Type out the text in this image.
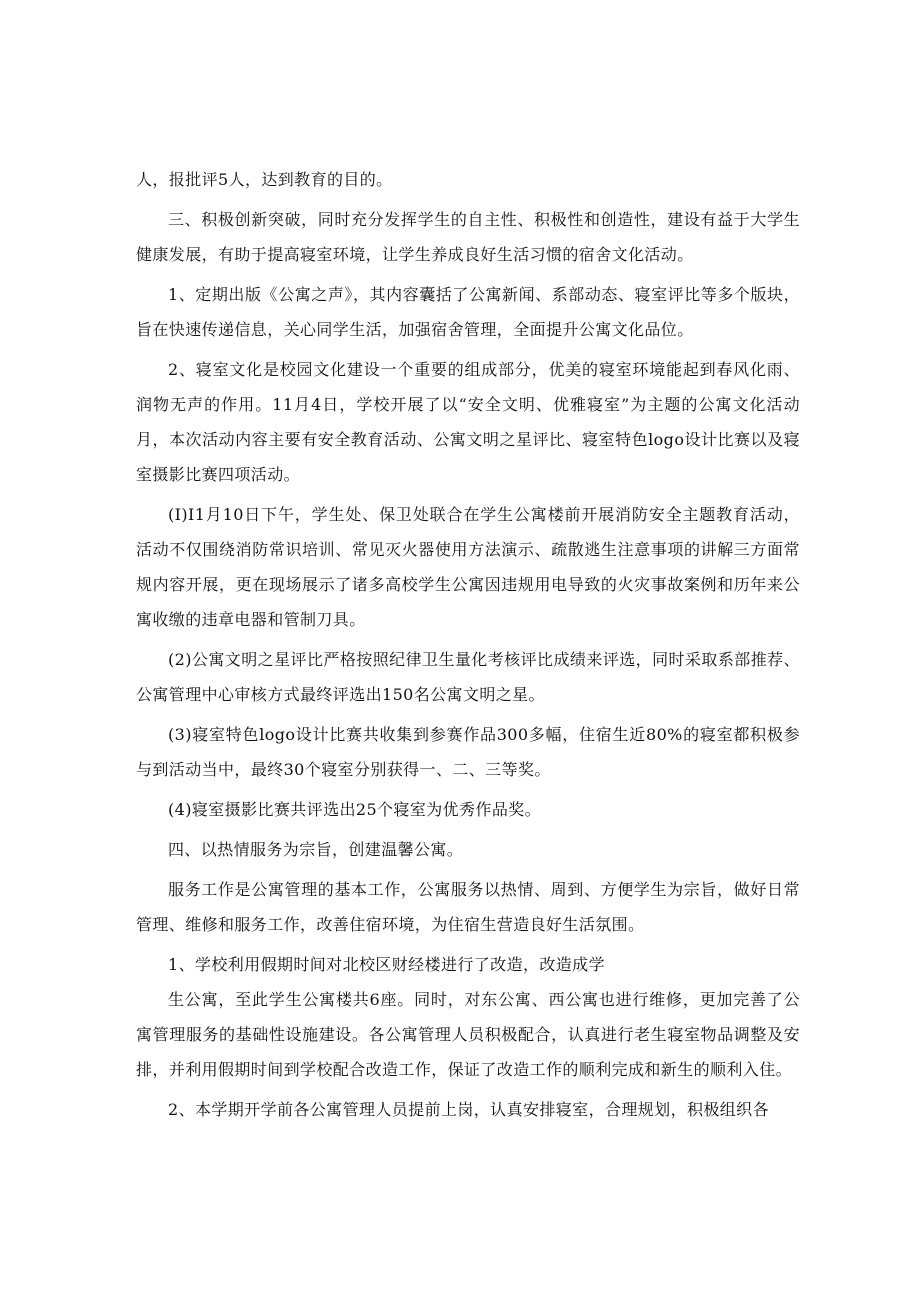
人，报批评5人，达到教育的目的。

三、积极创新突破，同时充分发挥学生的自主性、积极性和创造性，建设有益于大学生健康发展，有助于提高寝室环境，让学生养成良好生活习惯的宿舍文化活动。

1、定期出版《公寓之声》，其内容囊括了公寓新闻、系部动态、寝室评比等多个版块，旨在快速传递信息，关心同学生活，加强宿舍管理，全面提升公寓文化品位。

2、寝室文化是校园文化建设一个重要的组成部分，优美的寝室环境能起到春风化雨、润物无声的作用。11月4日，学校开展了以“安全文明、优雅寝室”为主题的公寓文化活动月，本次活动内容主要有安全教育活动、公寓文明之星评比、寝室特色logo设计比赛以及寝室摄影比赛四项活动。

(I)I1月10日下午，学生处、保卫处联合在学生公寓楼前开展消防安全主题教育活动，活动不仅围绕消防常识培训、常见灭火器使用方法演示、疏散逃生注意事项的讲解三方面常规内容开展，更在现场展示了诸多高校学生公寓因违规用电导致的火灾事故案例和历年来公寓收缴的违章电器和管制刀具。

(2)公寓文明之星评比严格按照纪律卫生量化考核评比成绩来评选，同时采取系部推荐、公寓管理中心审核方式最终评选出150名公寓文明之星。

(3)寝室特色logo设计比赛共收集到参赛作品300多幅，住宿生近80%的寝室都积极参与到活动当中，最终30个寝室分别获得一、二、三等奖。

(4)寝室摄影比赛共评选出25个寝室为优秀作品奖。

四、以热情服务为宗旨，创建温馨公寓。

服务工作是公寓管理的基本工作，公寓服务以热情、周到、方便学生为宗旨，做好日常管理、维修和服务工作，改善住宿环境，为住宿生营造良好生活氛围。

1、学校利用假期时间对北校区财经楼进行了改造，改造成学

生公寓，至此学生公寓楼共6座。同时，对东公寓、西公寓也进行维修，更加完善了公寓管理服务的基础性设施建设。各公寓管理人员积极配合，认真进行老生寝室物品调整及安排，并利用假期时间到学校配合改造工作，保证了改造工作的顺利完成和新生的顺利入住。

2、本学期开学前各公寓管理人员提前上岗，认真安排寝室，合理规划，积极组织各
